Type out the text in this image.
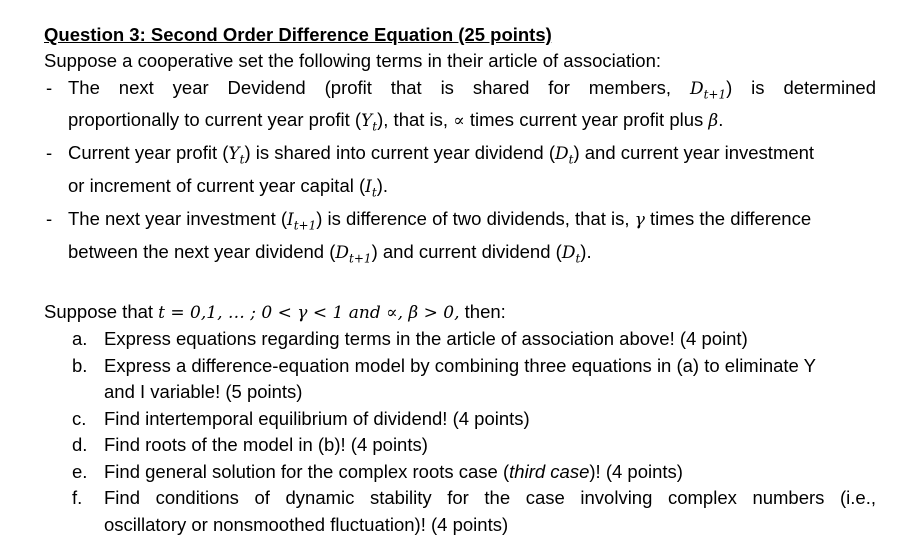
Question 3: Second Order Difference Equation (25 points)
Suppose a cooperative set the following terms in their article of association:
- The next year Devidend (profit that is shared for members, $D_{t+1}$) is determined
proportionally to current year profit $(Y_t)$, that is, ∝ times current year profit plus β.
- Current year profit $(Y_t)$ is shared into current year dividend $(D_t)$ and current year investment
or increment of current year capital $(I_t)$.
- The next year investment $(I_{t+1})$ is difference of two dividends, that is, γ times the difference
between the next year dividend $(D_{t+1})$ and current dividend $(D_t)$.
Suppose that t = 0,1, … ; 0 < γ < 1 and ∝, β > 0, then:
a. Express equations regarding terms in the article of association above! (4 point)
b. Express a difference-equation model by combining three equations in (a) to eliminate Y
and I variable! (5 points)
c. Find intertemporal equilibrium of dividend! (4 points)
d. Find roots of the model in (b)! (4 points)
e. Find general solution for the complex roots case (third case)! (4 points)
f. Find conditions of dynamic stability for the case involving complex numbers (i.e.,
oscillatory or nonsmoothed fluctuation)! (4 points)
